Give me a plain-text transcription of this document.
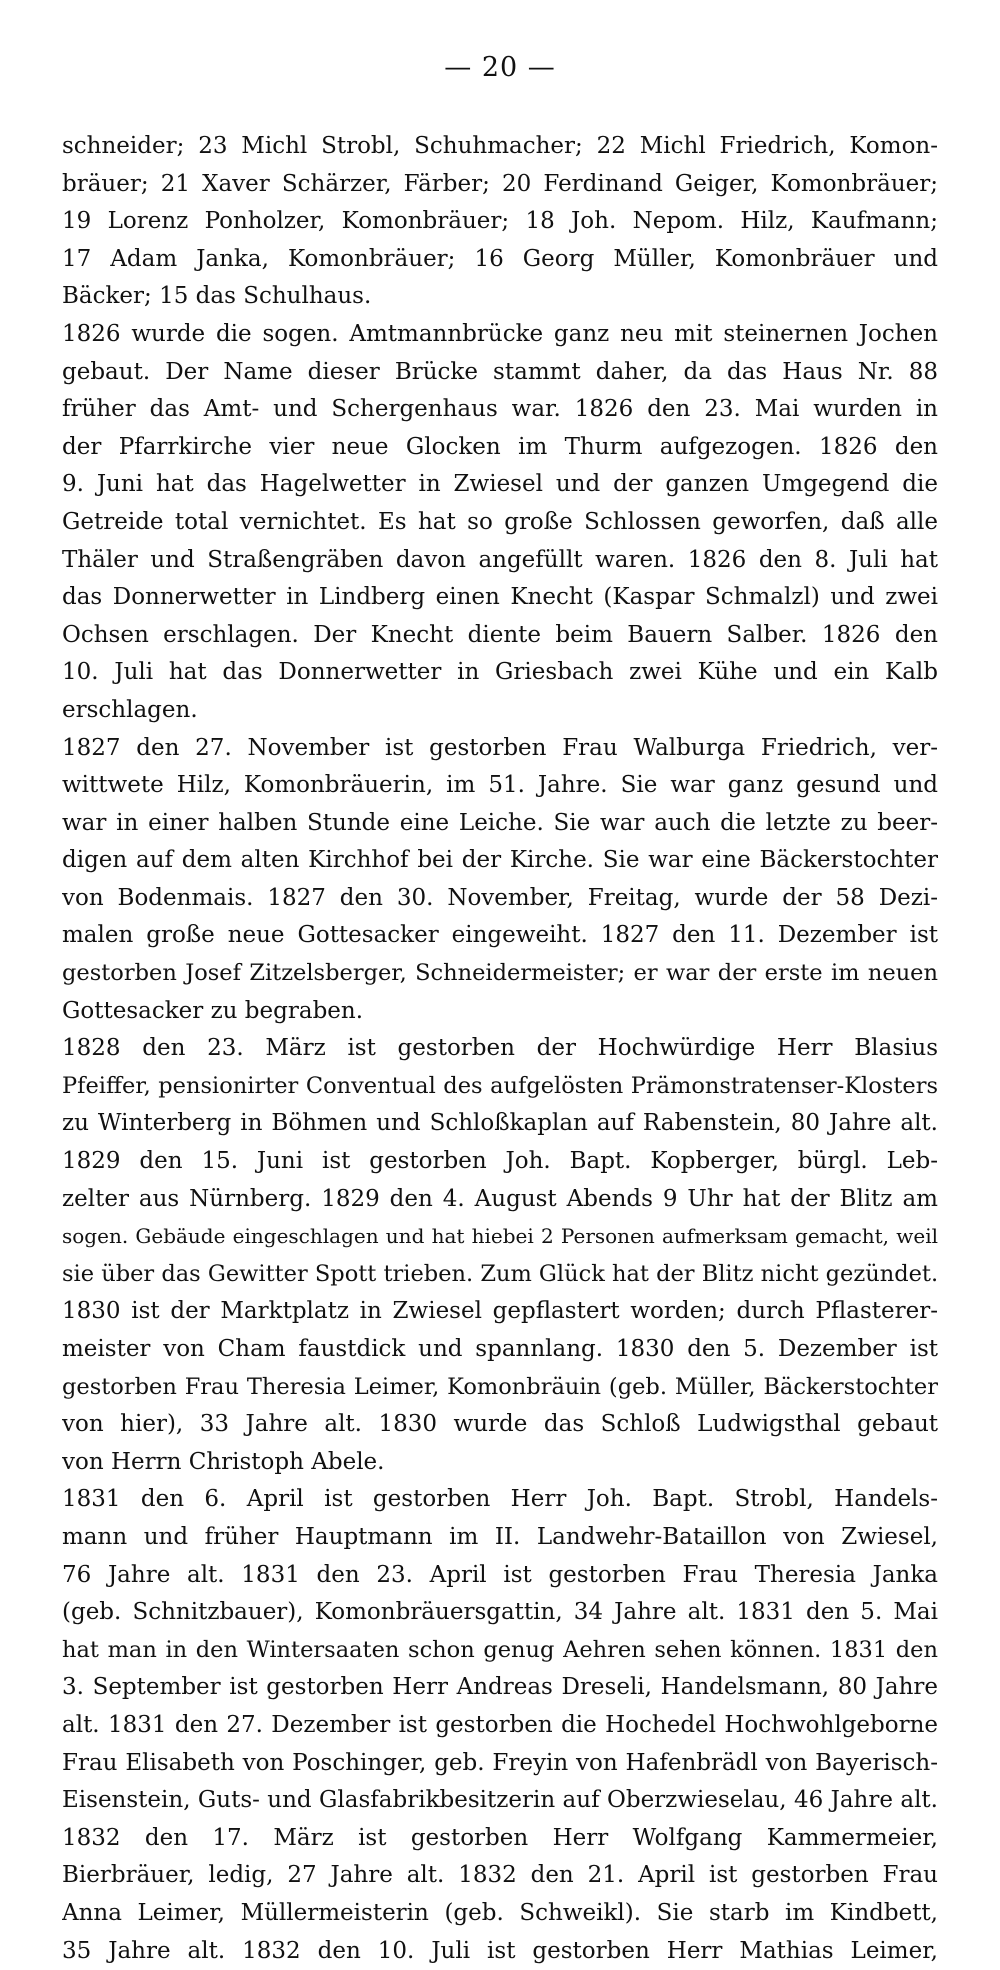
— 20 —
schneider; 23 Michl Strobl, Schuhmacher; 22 Michl Friedrich, Komon-
bräuer; 21 Xaver Schärzer, Färber; 20 Ferdinand Geiger, Komonbräuer;
19 Lorenz Ponholzer, Komonbräuer; 18 Joh. Nepom. Hilz, Kaufmann;
17 Adam Janka, Komonbräuer; 16 Georg Müller, Komonbräuer und
Bäcker; 15 das Schulhaus.
1826 wurde die sogen. Amtmannbrücke ganz neu mit steinernen Jochen
gebaut. Der Name dieser Brücke stammt daher, da das Haus Nr. 88
früher das Amt- und Schergenhaus war. 1826 den 23. Mai wurden in
der Pfarrkirche vier neue Glocken im Thurm aufgezogen. 1826 den
9. Juni hat das Hagelwetter in Zwiesel und der ganzen Umgegend die
Getreide total vernichtet. Es hat so große Schlossen geworfen, daß alle
Thäler und Straßengräben davon angefüllt waren. 1826 den 8. Juli hat
das Donnerwetter in Lindberg einen Knecht (Kaspar Schmalzl) und zwei
Ochsen erschlagen. Der Knecht diente beim Bauern Salber. 1826 den
10. Juli hat das Donnerwetter in Griesbach zwei Kühe und ein Kalb
erschlagen.
1827 den 27. November ist gestorben Frau Walburga Friedrich, ver-
wittwete Hilz, Komonbräuerin, im 51. Jahre. Sie war ganz gesund und
war in einer halben Stunde eine Leiche. Sie war auch die letzte zu beer-
digen auf dem alten Kirchhof bei der Kirche. Sie war eine Bäckerstochter
von Bodenmais. 1827 den 30. November, Freitag, wurde der 58 Dezi-
malen große neue Gottesacker eingeweiht. 1827 den 11. Dezember ist
gestorben Josef Zitzelsberger, Schneidermeister; er war der erste im neuen
Gottesacker zu begraben.
1828 den 23. März ist gestorben der Hochwürdige Herr Blasius
Pfeiffer, pensionirter Conventual des aufgelösten Prämonstratenser-Klosters
zu Winterberg in Böhmen und Schloßkaplan auf Rabenstein, 80 Jahre alt.
1829 den 15. Juni ist gestorben Joh. Bapt. Kopberger, bürgl. Leb-
zelter aus Nürnberg. 1829 den 4. August Abends 9 Uhr hat der Blitz am
sogen. Gebäude eingeschlagen und hat hiebei 2 Personen aufmerksam gemacht, weil
sie über das Gewitter Spott trieben. Zum Glück hat der Blitz nicht gezündet.
1830 ist der Marktplatz in Zwiesel gepflastert worden; durch Pflasterer-
meister von Cham faustdick und spannlang. 1830 den 5. Dezember ist
gestorben Frau Theresia Leimer, Komonbräuin (geb. Müller, Bäckerstochter
von hier), 33 Jahre alt. 1830 wurde das Schloß Ludwigsthal gebaut
von Herrn Christoph Abele.
1831 den 6. April ist gestorben Herr Joh. Bapt. Strobl, Handels-
mann und früher Hauptmann im II. Landwehr-Bataillon von Zwiesel,
76 Jahre alt. 1831 den 23. April ist gestorben Frau Theresia Janka
(geb. Schnitzbauer), Komonbräuersgattin, 34 Jahre alt. 1831 den 5. Mai
hat man in den Wintersaaten schon genug Aehren sehen können. 1831 den
3. September ist gestorben Herr Andreas Dreseli, Handelsmann, 80 Jahre
alt. 1831 den 27. Dezember ist gestorben die Hochedel Hochwohlgeborne
Frau Elisabeth von Poschinger, geb. Freyin von Hafenbrädl von Bayerisch-
Eisenstein, Guts- und Glasfabrikbesitzerin auf Oberzwieselau, 46 Jahre alt.
1832 den 17. März ist gestorben Herr Wolfgang Kammermeier,
Bierbräuer, ledig, 27 Jahre alt. 1832 den 21. April ist gestorben Frau
Anna Leimer, Müllermeisterin (geb. Schweikl). Sie starb im Kindbett,
35 Jahre alt. 1832 den 10. Juli ist gestorben Herr Mathias Leimer,
